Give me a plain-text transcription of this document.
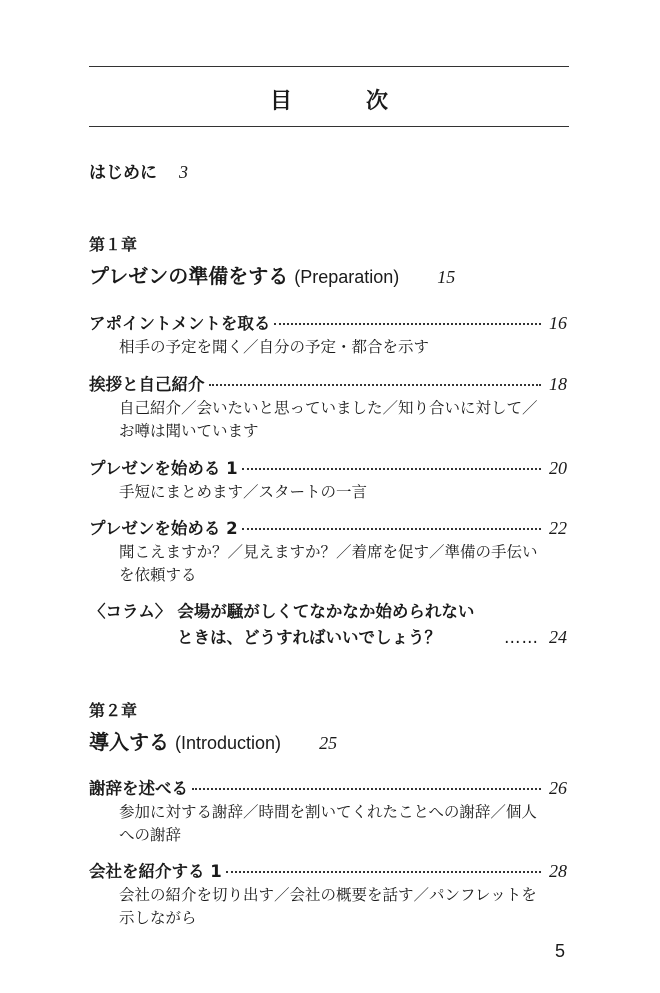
目　次
はじめに 3
第１章
プレゼンの準備をする (Preparation) 15
アポイントメントを取る	16
相手の予定を聞く／自分の予定・都合を示す
挨拶と自己紹介	18
自己紹介／会いたいと思っていました／知り合いに対して／お噂は聞いています
プレゼンを始める 1	20
手短にまとめます／スタートの一言
プレゼンを始める 2	22
聞こえますか？／見えますか？／着席を促す／準備の手伝いを依頼する
〈コラム〉 会場が騒がしくてなかなか始められない
ときは、どうすればいいでしょう？	…… 24
第２章
導入する (Introduction) 25
謝辞を述べる	26
参加に対する謝辞／時間を割いてくれたことへの謝辞／個人への謝辞
会社を紹介する 1	28
会社の紹介を切り出す／会社の概要を話す／パンフレットを示しながら
5
